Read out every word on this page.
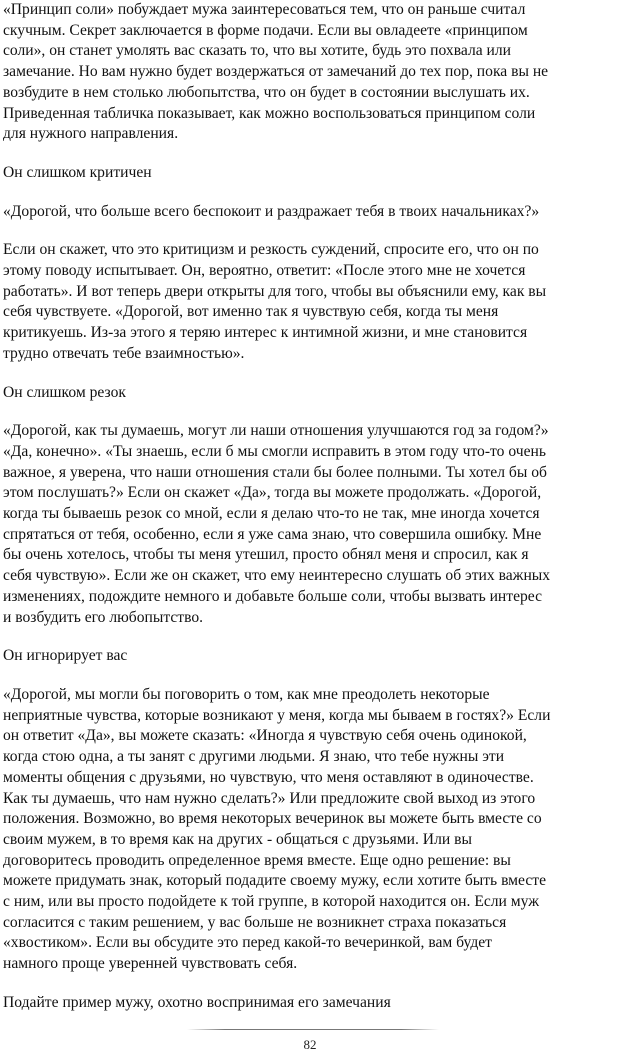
«Принцип соли» побуждает мужа заинтересоваться тем, что он раньше считал
скучным. Секрет заключается в форме подачи. Если вы овладеете «принципом
соли», он станет умолять вас сказать то, что вы хотите, будь это похвала или
замечание. Но вам нужно будет воздержаться от замечаний до тех пор, пока вы не
возбудите в нем столько любопытства, что он будет в состоянии выслушать их.
Приведенная табличка показывает, как можно воспользоваться принципом соли
для нужного направления.

Он слишком критичен

«Дорогой, что больше всего беспокоит и раздражает тебя в твоих начальниках?»

Если он скажет, что это критицизм и резкость суждений, спросите его, что он по
этому поводу испытывает. Он, вероятно, ответит: «После этого мне не хочется
работать». И вот теперь двери открыты для того, чтобы вы объяснили ему, как вы
себя чувствуете. «Дорогой, вот именно так я чувствую себя, когда ты меня
критикуешь. Из-за этого я теряю интерес к интимной жизни, и мне становится
трудно отвечать тебе взаимностью».

Он слишком резок

«Дорогой, как ты думаешь, могут ли наши отношения улучшаются год за годом?»
«Да, конечно». «Ты знаешь, если б мы смогли исправить в этом году что-то очень
важное, я уверена, что наши отношения стали бы более полными. Ты хотел бы об
этом послушать?» Если он скажет «Да», тогда вы можете продолжать. «Дорогой,
когда ты бываешь резок со мной, если я делаю что-то не так, мне иногда хочется
спрятаться от тебя, особенно, если я уже сама знаю, что совершила ошибку. Мне
бы очень хотелось, чтобы ты меня утешил, просто обнял меня и спросил, как я
себя чувствую». Если же он скажет, что ему неинтересно слушать об этих важных
изменениях, подождите немного и добавьте больше соли, чтобы вызвать интерес
и возбудить его любопытство.

Он игнорирует вас

«Дорогой, мы могли бы поговорить о том, как мне преодолеть некоторые
неприятные чувства, которые возникают у меня, когда мы бываем в гостях?» Если
он ответит «Да», вы можете сказать: «Иногда я чувствую себя очень одинокой,
когда стою одна, а ты занят с другими людьми. Я знаю, что тебе нужны эти
моменты общения с друзьями, но чувствую, что меня оставляют в одиночестве.
Как ты думаешь, что нам нужно сделать?» Или предложите свой выход из этого
положения. Возможно, во время некоторых вечеринок вы можете быть вместе со
своим мужем, в то время как на других - общаться с друзьями. Или вы
договоритесь проводить определенное время вместе. Еще одно решение: вы
можете придумать знак, который подадите своему мужу, если хотите быть вместе
с ним, или вы просто подойдете к той группе, в которой находится он. Если муж
согласится с таким решением, у вас больше не возникнет страха показаться
«хвостиком». Если вы обсудите это перед какой-то вечеринкой, вам будет
намного проще уверенней чувствовать себя.

Подайте пример мужу, охотно воспринимая его замечания

82
